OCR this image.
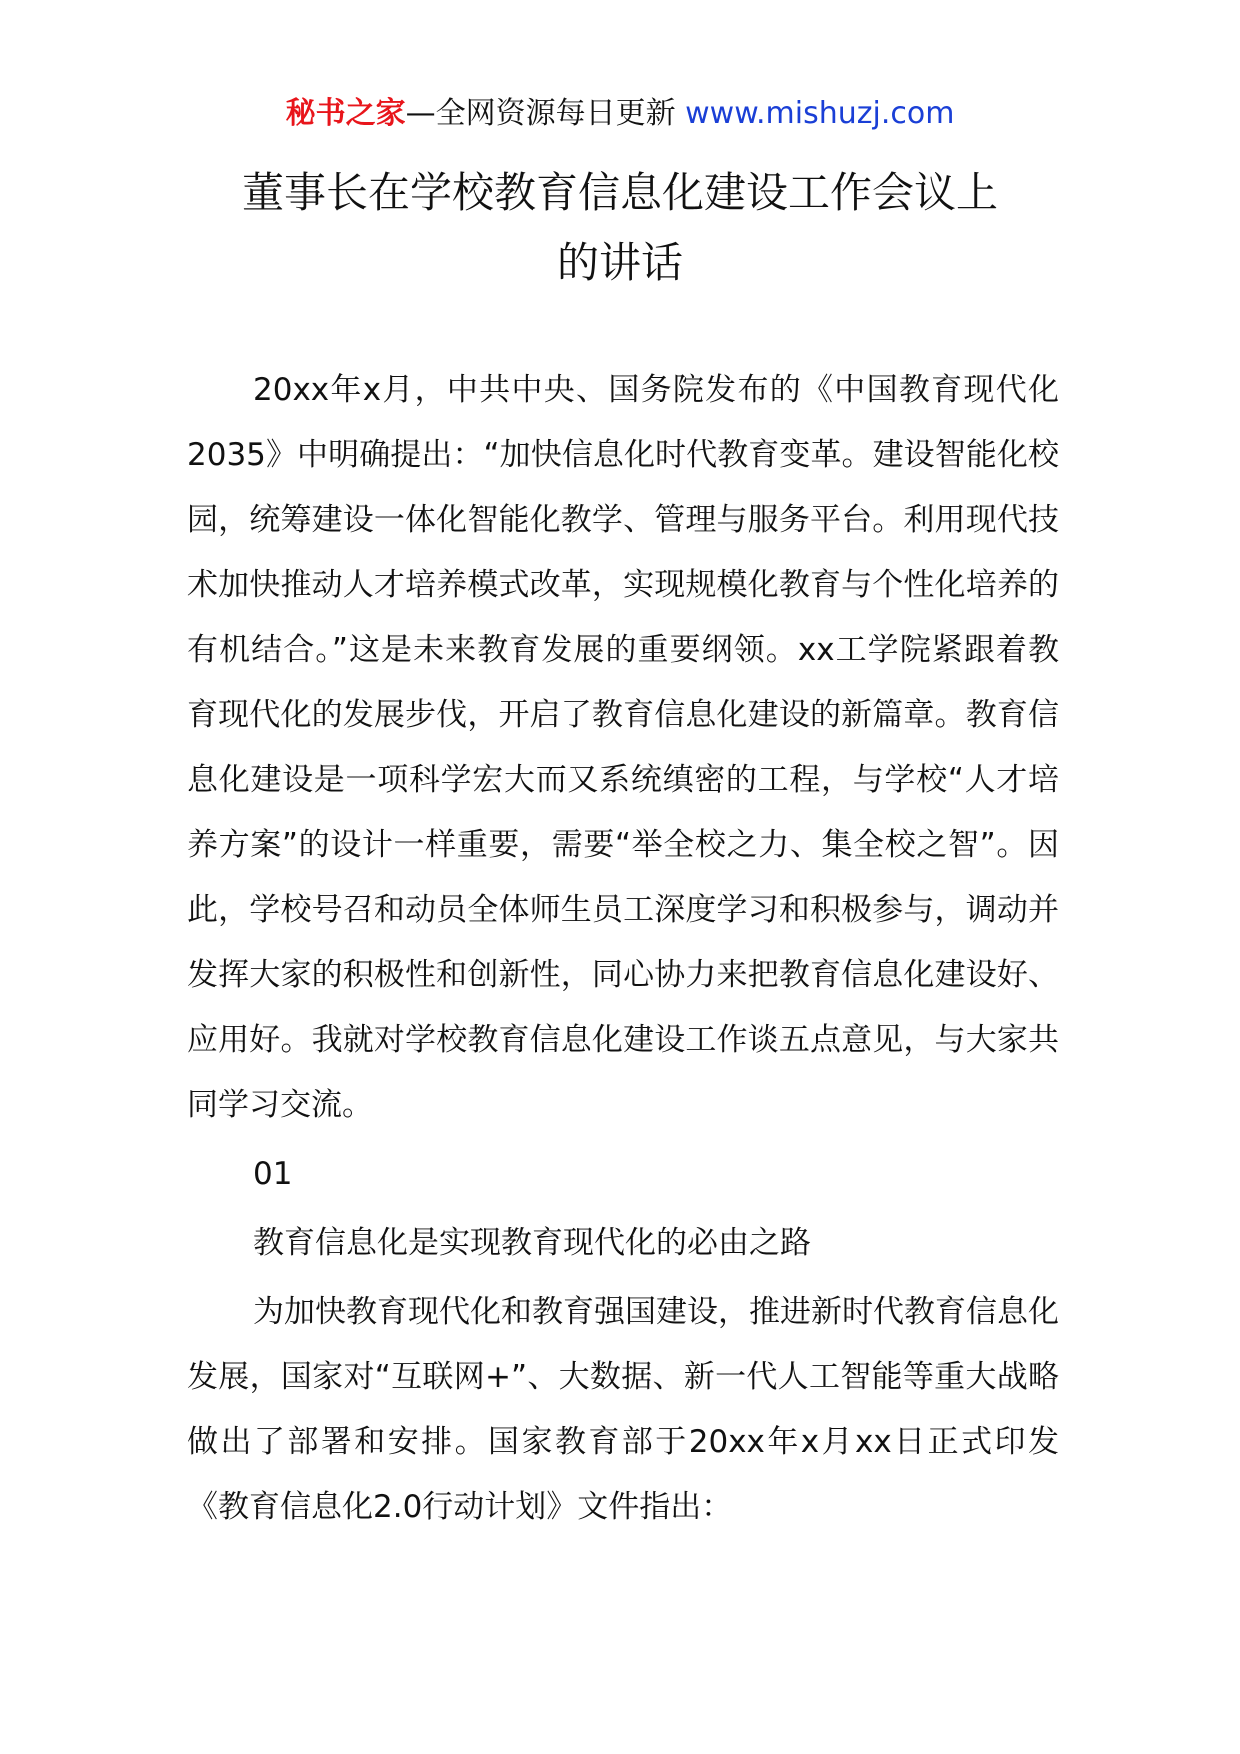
秘书之家—全网资源每日更新 www.mishuzj.com
董事长在学校教育信息化建设工作会议上
的讲话

20xx年x月，中共中央、国务院发布的《中国教育现代化2035》中明确提出：“加快信息化时代教育变革。建设智能化校园，统筹建设一体化智能化教学、管理与服务平台。利用现代技术加快推动人才培养模式改革，实现规模化教育与个性化培养的有机结合。”这是未来教育发展的重要纲领。xx工学院紧跟着教育现代化的发展步伐，开启了教育信息化建设的新篇章。教育信息化建设是一项科学宏大而又系统缜密的工程，与学校“人才培养方案”的设计一样重要，需要“举全校之力、集全校之智”。因此，学校号召和动员全体师生员工深度学习和积极参与，调动并发挥大家的积极性和创新性，同心协力来把教育信息化建设好、应用好。我就对学校教育信息化建设工作谈五点意见，与大家共同学习交流。

01

教育信息化是实现教育现代化的必由之路

为加快教育现代化和教育强国建设，推进新时代教育信息化发展，国家对“互联网+”、大数据、新一代人工智能等重大战略做出了部署和安排。国家教育部于20xx年x月xx日正式印发《教育信息化2.0行动计划》文件指出：
